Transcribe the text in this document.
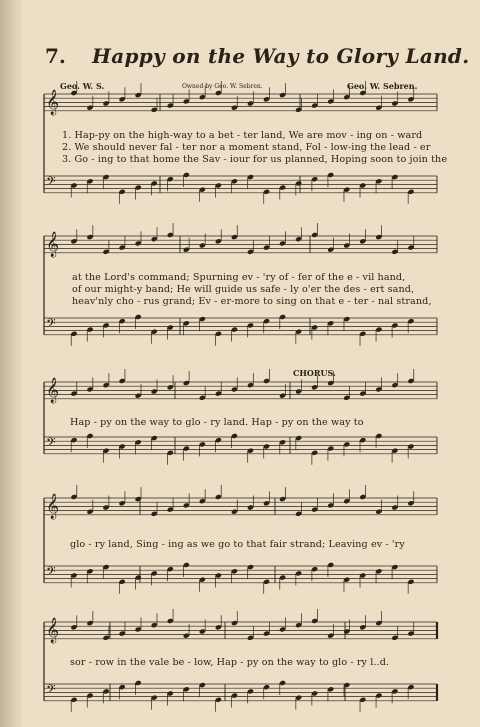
7. Happy on the Way to Glory Land.
Geo. W. S.	Owned by Geo. W. Sebren.	Geo. W. Sebren.
𝄞
𝄢
𝄞
𝄢
𝄞
𝄢
𝄞
𝄢
𝄞
𝄢
1. Hap-py on the high-way to a bet - ter land, We are mov - ing on - ward
2. We should never fal - ter nor a moment stand, Fol - low-ing the lead - er
3. Go - ing to that home the Sav - iour for us planned, Hoping soon to join the
at the Lord's command; Spurning ev - 'ry of - fer of the e - vil hand,
of our might-y band; He will guide us safe - ly o'er the des - ert sand,
heav'nly cho - rus grand; Ev - er-more to sing on that e - ter - nal strand,
CHORUS.
Hap - py on the way to glo - ry land. Hap - py on the way to
glo - ry land, Sing - ing as we go to that fair strand; Leaving ev - 'ry
sor - row in the vale be - low, Hap - py on the way to glo - ry l..d.
